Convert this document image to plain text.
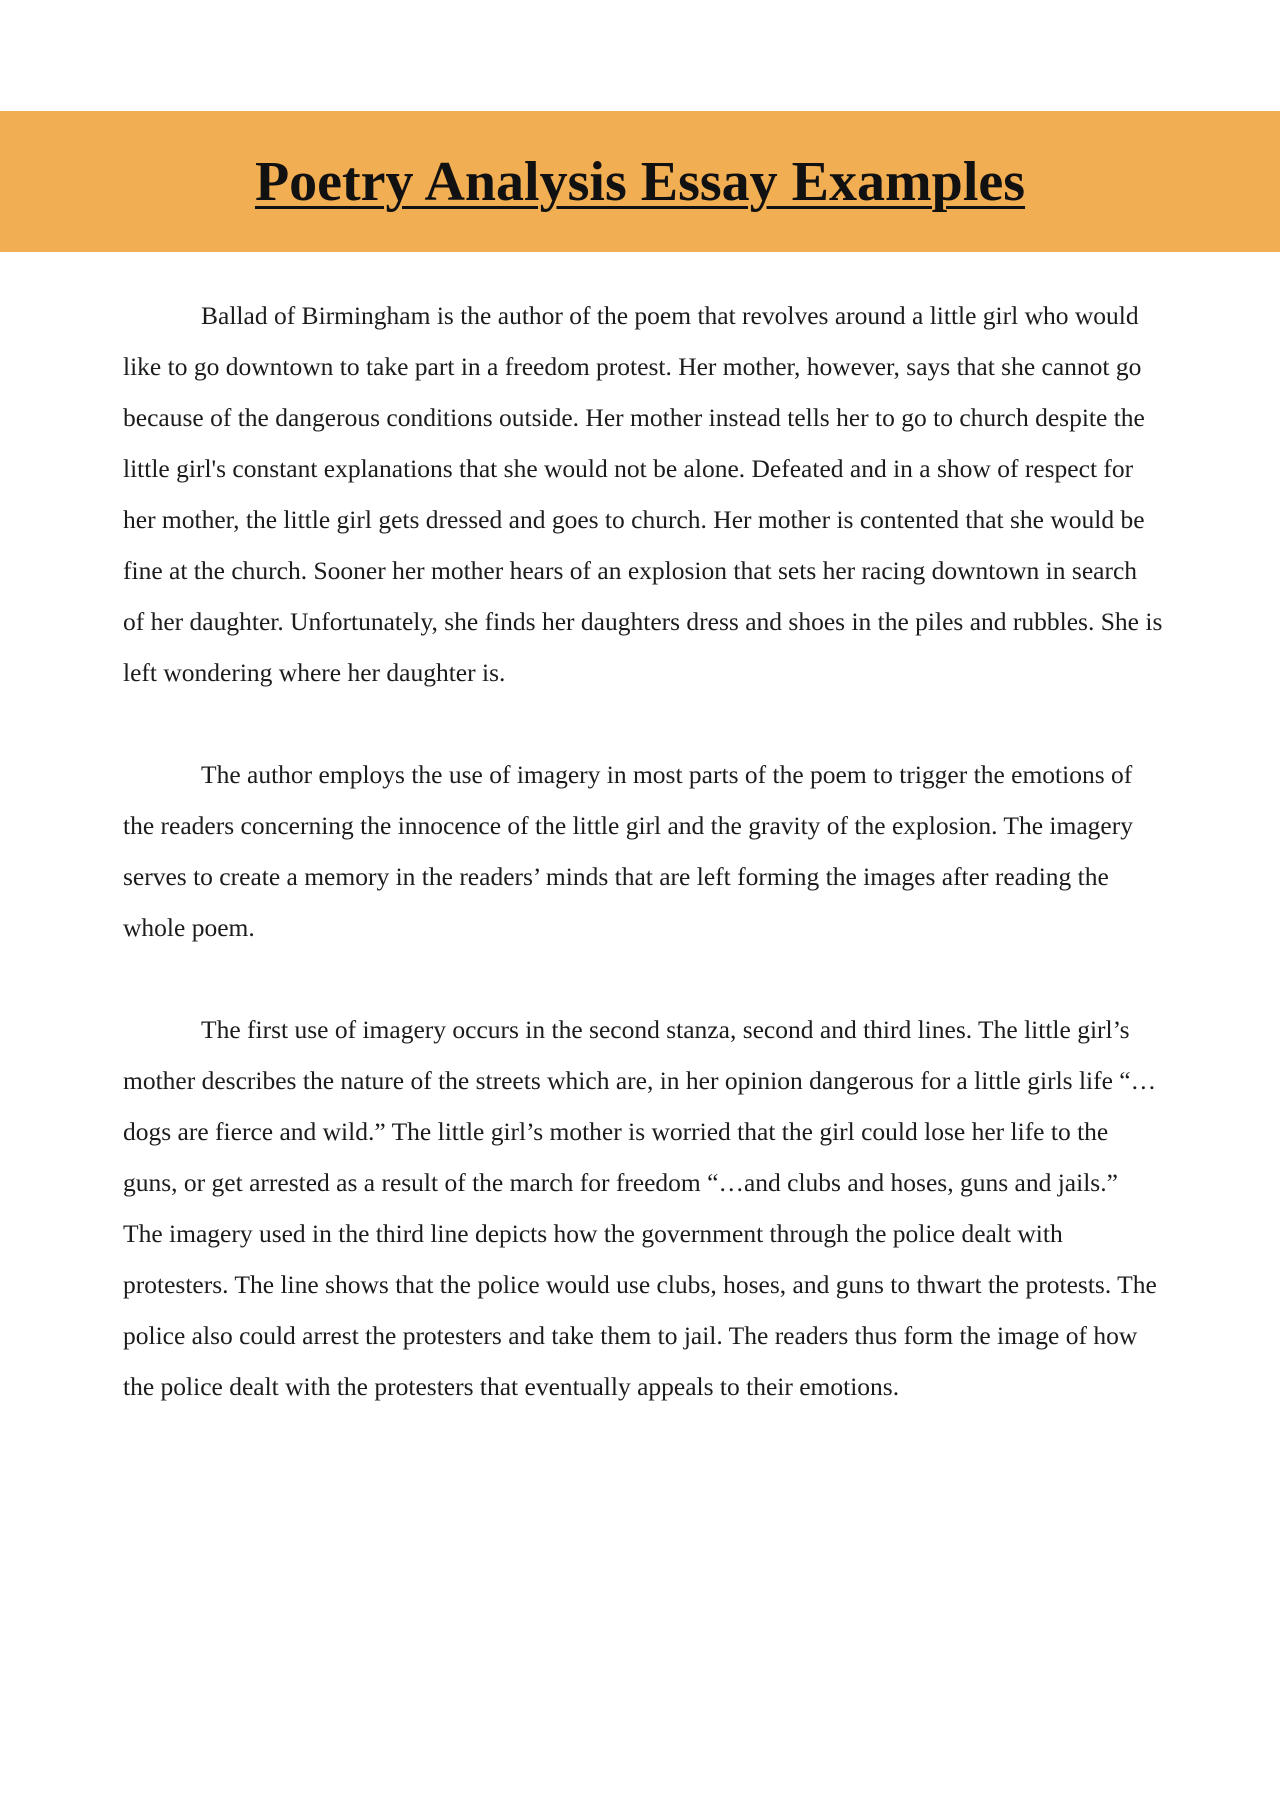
Poetry Analysis Essay Examples

Ballad of Birmingham is the author of the poem that revolves around a little girl who would like to go downtown to take part in a freedom protest. Her mother, however, says that she cannot go because of the dangerous conditions outside. Her mother instead tells her to go to church despite the little girl's constant explanations that she would not be alone. Defeated and in a show of respect for her mother, the little girl gets dressed and goes to church. Her mother is contented that she would be fine at the church. Sooner her mother hears of an explosion that sets her racing downtown in search of her daughter. Unfortunately, she finds her daughters dress and shoes in the piles and rubbles. She is left wondering where her daughter is.

The author employs the use of imagery in most parts of the poem to trigger the emotions of the readers concerning the innocence of the little girl and the gravity of the explosion. The imagery serves to create a memory in the readers’ minds that are left forming the images after reading the whole poem.

The first use of imagery occurs in the second stanza, second and third lines. The little girl’s mother describes the nature of the streets which are, in her opinion dangerous for a little girls life “…dogs are fierce and wild.” The little girl’s mother is worried that the girl could lose her life to the guns, or get arrested as a result of the march for freedom “…and clubs and hoses, guns and jails.” The imagery used in the third line depicts how the government through the police dealt with protesters. The line shows that the police would use clubs, hoses, and guns to thwart the protests. The police also could arrest the protesters and take them to jail. The readers thus form the image of how the police dealt with the protesters that eventually appeals to their emotions.
